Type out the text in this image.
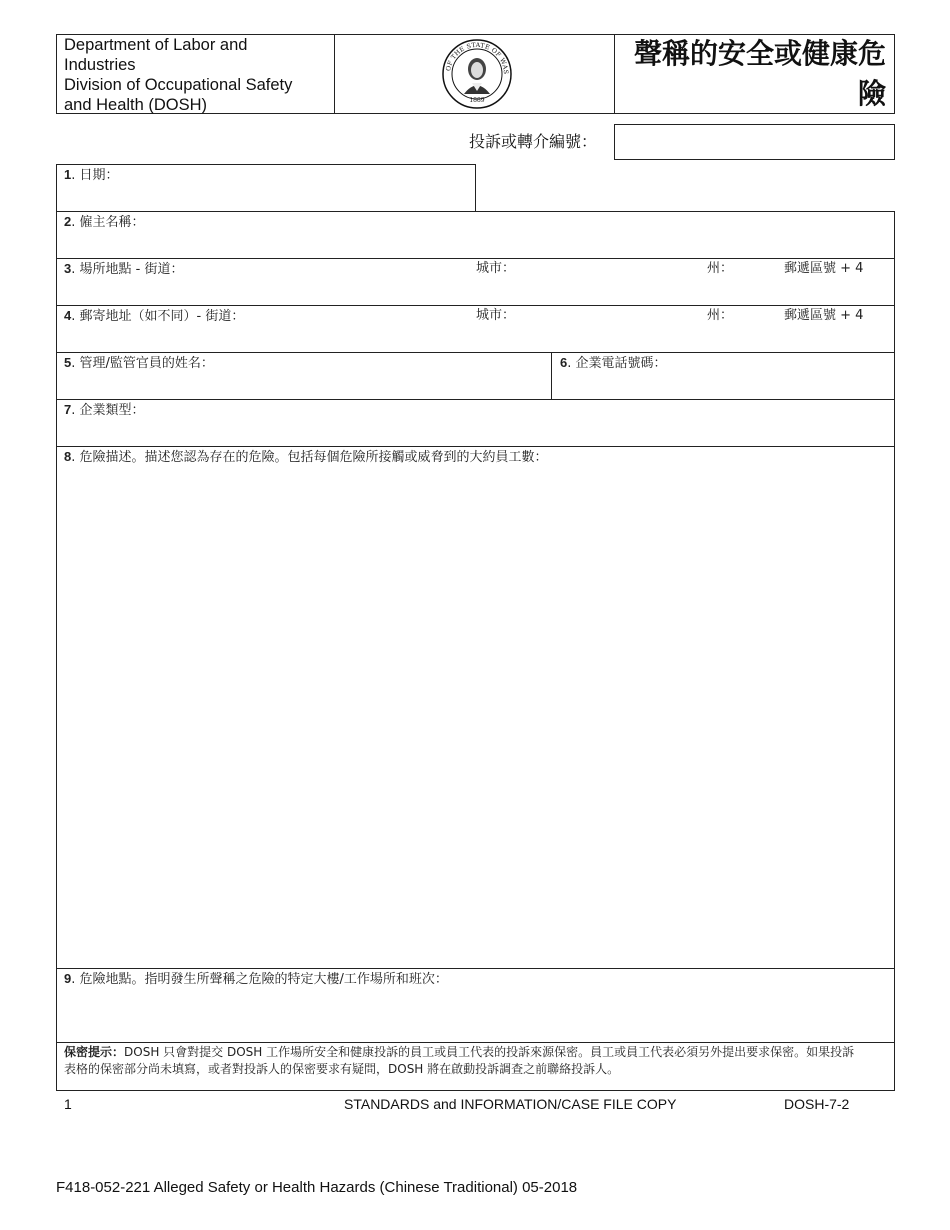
Department of Labor and
Industries
Division of Occupational Safety
and Health (DOSH)
OF THE STATE OF WAS
1889
聲稱的安全或健康危
險
投訴或轉介編號：
1. 日期：
2. 僱主名稱：
3. 場所地點 - 街道：	城市：	州：	郵遞區號 + 4
4. 郵寄地址（如不同）- 街道：	城市：	州：	郵遞區號 + 4
5. 管理/監管官員的姓名：	6. 企業電話號碼：
7. 企業類型：
8. 危險描述。描述您認為存在的危險。包括每個危險所接觸或威脅到的大約員工數：
9. 危險地點。指明發生所聲稱之危險的特定大樓/工作場所和班次：
保密提示：DOSH 只會對提交 DOSH 工作場所安全和健康投訴的員工或員工代表的投訴來源保密。員工或員工代表必須另外提出要求保密。如果投訴
表格的保密部分尚未填寫，或者對投訴人的保密要求有疑問，DOSH 將在啟動投訴調查之前聯絡投訴人。
1	STANDARDS and INFORMATION/CASE FILE COPY	DOSH-7-2
F418-052-221 Alleged Safety or Health Hazards (Chinese Traditional) 05-2018
